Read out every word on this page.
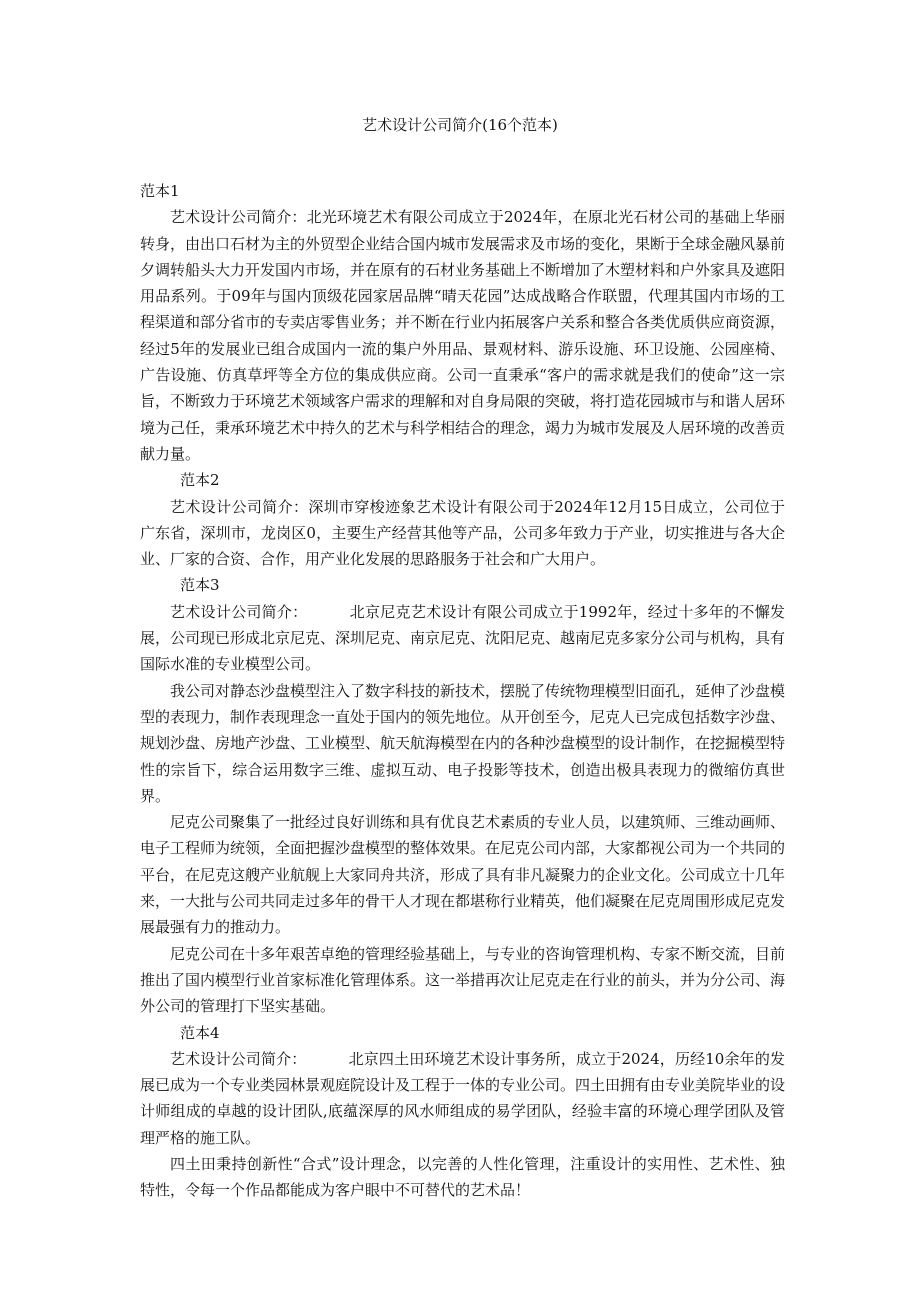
艺术设计公司简介(16个范本)

范本1

艺术设计公司简介：北光环境艺术有限公司成立于2024年，在原北光石材公司的基础上华丽转身，由出口石材为主的外贸型企业结合国内城市发展需求及市场的变化，果断于全球金融风暴前夕调转船头大力开发国内市场，并在原有的石材业务基础上不断增加了木塑材料和户外家具及遮阳用品系列。于09年与国内顶级花园家居品牌“晴天花园”达成战略合作联盟，代理其国内市场的工程渠道和部分省市的专卖店零售业务；并不断在行业内拓展客户关系和整合各类优质供应商资源，经过5年的发展业已组合成国内一流的集户外用品、景观材料、游乐设施、环卫设施、公园座椅、广告设施、仿真草坪等全方位的集成供应商。公司一直秉承“客户的需求就是我们的使命”这一宗旨，不断致力于环境艺术领域客户需求的理解和对自身局限的突破，将打造花园城市与和谐人居环境为己任，秉承环境艺术中持久的艺术与科学相结合的理念，竭力为城市发展及人居环境的改善贡献力量。

范本2

艺术设计公司简介：深圳市穿梭迹象艺术设计有限公司于2024年12月15日成立，公司位于广东省，深圳市，龙岗区0，主要生产经营其他等产品，公司多年致力于产业，切实推进与各大企业、厂家的合资、合作，用产业化发展的思路服务于社会和广大用户。

范本3

艺术设计公司简介：	北京尼克艺术设计有限公司成立于1992年，经过十多年的不懈发展，公司现已形成北京尼克、深圳尼克、南京尼克、沈阳尼克、越南尼克多家分公司与机构，具有国际水准的专业模型公司。

我公司对静态沙盘模型注入了数字科技的新技术，摆脱了传统物理模型旧面孔，延伸了沙盘模型的表现力，制作表现理念一直处于国内的领先地位。从开创至今，尼克人已完成包括数字沙盘、规划沙盘、房地产沙盘、工业模型、航天航海模型在内的各种沙盘模型的设计制作，在挖掘模型特性的宗旨下，综合运用数字三维、虚拟互动、电子投影等技术，创造出极具表现力的微缩仿真世界。

尼克公司聚集了一批经过良好训练和具有优良艺术素质的专业人员，以建筑师、三维动画师、电子工程师为统领，全面把握沙盘模型的整体效果。在尼克公司内部，大家都视公司为一个共同的平台，在尼克这艘产业航舰上大家同舟共济，形成了具有非凡凝聚力的企业文化。公司成立十几年来，一大批与公司共同走过多年的骨干人才现在都堪称行业精英，他们凝聚在尼克周围形成尼克发展最强有力的推动力。

尼克公司在十多年艰苦卓绝的管理经验基础上，与专业的咨询管理机构、专家不断交流，目前推出了国内模型行业首家标准化管理体系。这一举措再次让尼克走在行业的前头，并为分公司、海外公司的管理打下坚实基础。

范本4

艺术设计公司简介：	北京四土田环境艺术设计事务所，成立于2024，历经10余年的发展已成为一个专业类园林景观庭院设计及工程于一体的专业公司。四土田拥有由专业美院毕业的设计师组成的卓越的设计团队,底蕴深厚的风水师组成的易学团队，经验丰富的环境心理学团队及管理严格的施工队。

四土田秉持创新性“合式”设计理念，以完善的人性化管理，注重设计的实用性、艺术性、独特性，令每一个作品都能成为客户眼中不可替代的艺术品！
